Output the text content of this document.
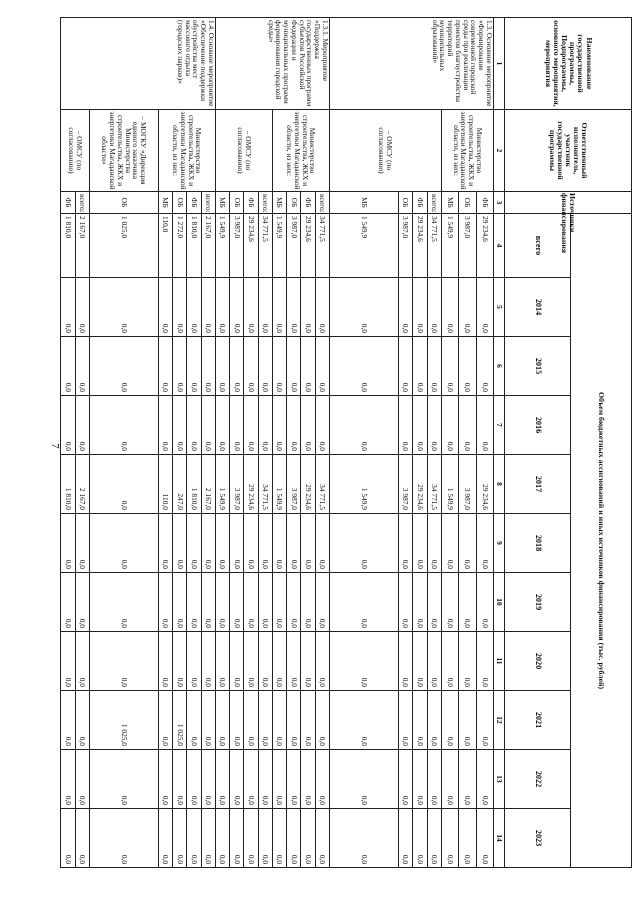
7
Наименование государственной программы, Подпрограммы, основного мероприятия, мероприятия	Ответственный исполнитель, участник государственной программы	Источники финансирования	Объем бюджетных ассигнований и иных источников финансирования (тыс. рублей)										
			всего	2014	2015	2016	2017	2018	2019	2020	2021	2022	2023
1	2	3	4	5	6	7	8	9	10	11	12	13	14
1.3. Основное мероприятие «Формирование современной городской среды при реализации проектов благоустройства территорий муниципальных образований»	Министерство строительства, ЖКХ и энергетики Магаданской области, из них:	ФБ	29 234,6	0,0	0,0	0,0	29 234,6	0,0	0,0	0,0	0,0	0,0	0,0
		ОБ	3 987,0	0,0	0,0	0,0	3 987,0	0,0	0,0	0,0	0,0	0,0	0,0
		МБ	1 549,9	0,0	0,0	0,0	1 549,9	0,0	0,0	0,0	0,0	0,0	0,0
	– ОМСУ (по согласованию)	всего:	34 771,5	0,0	0,0	0,0	34 771,5	0,0	0,0	0,0	0,0	0,0	0,0
		ФБ	29 234,6	0,0	0,0	0,0	29 234,6	0,0	0,0	0,0	0,0	0,0	0,0
		ОБ	3 987,0	0,0	0,0	0,0	3 987,0	0,0	0,0	0,0	0,0	0,0	0,0
		МБ	1 549,9	0,0	0,0	0,0	1 549,9	0,0	0,0	0,0	0,0	0,0	0,0
1.3.1. Мероприятие «Поддержка государственных программ субъектов Российской Федерации и муниципальных программ формирования городской среды»	Министерство строительства, ЖКХ и энергетики Магаданской области, из них:	всего:	34 771,5	0,0	0,0	0,0	34 771,5	0,0	0,0	0,0	0,0	0,0	0,0
		ФБ	29 234,6	0,0	0,0	0,0	29 234,6	0,0	0,0	0,0	0,0	0,0	0,0
		ОБ	3 987,0	0,0	0,0	0,0	3 987,0	0,0	0,0	0,0	0,0	0,0	0,0
		МБ	1 549,9	0,0	0,0	0,0	1 549,9	0,0	0,0	0,0	0,0	0,0	0,0
	– ОМСУ (по согласованию)	всего:	34 771,5	0,0	0,0	0,0	34 771,5	0,0	0,0	0,0	0,0	0,0	0,0
		ФБ	29 234,6	0,0	0,0	0,0	29 234,6	0,0	0,0	0,0	0,0	0,0	0,0
		ОБ	3 987,0	0,0	0,0	0,0	3 987,0	0,0	0,0	0,0	0,0	0,0	0,0
		МБ	1 549,9	0,0	0,0	0,0	1 549,9	0,0	0,0	0,0	0,0	0,0	0,0
1.4. Основное мероприятие «Обеспечение поддержки обустройства мест массового отдыха (городских парков)»	Министерство строительства, ЖКХ и энергетики Магаданской области, из них:	всего:	2 167,0	0,0	0,0	0,0	2 167,0	0,0	0,0	0,0	0,0	0,0	0,0
		ФБ	1 810,0	0,0	0,0	0,0	1 810,0	0,0	0,0	0,0	0,0	0,0	0,0
		ОБ	1 272,0	0,0	0,0	0,0	247,0	0,0	0,0	0,0	1 025,0	0,0	0,0
		МБ	110,0	0,0	0,0	0,0	110,0	0,0	0,0	0,0	0,0	0,0	0,0
	– МОГКУ «Дирекция единого заказчика Министерства строительства, ЖКХ и энергетики Магаданской области»	ОБ	1 025,0	0,0	0,0	0,0	0,0	0,0	0,0	0,0	1 025,0	0,0	0,0
	– ОМСУ (по согласованию)	всего:	2 167,0	0,0	0,0	0,0	2 167,0	0,0	0,0	0,0	0,0	0,0	0,0
		ФБ	1 810,0	0,0	0,0	0,0	1 810,0	0,0	0,0	0,0	0,0	0,0	0,0
